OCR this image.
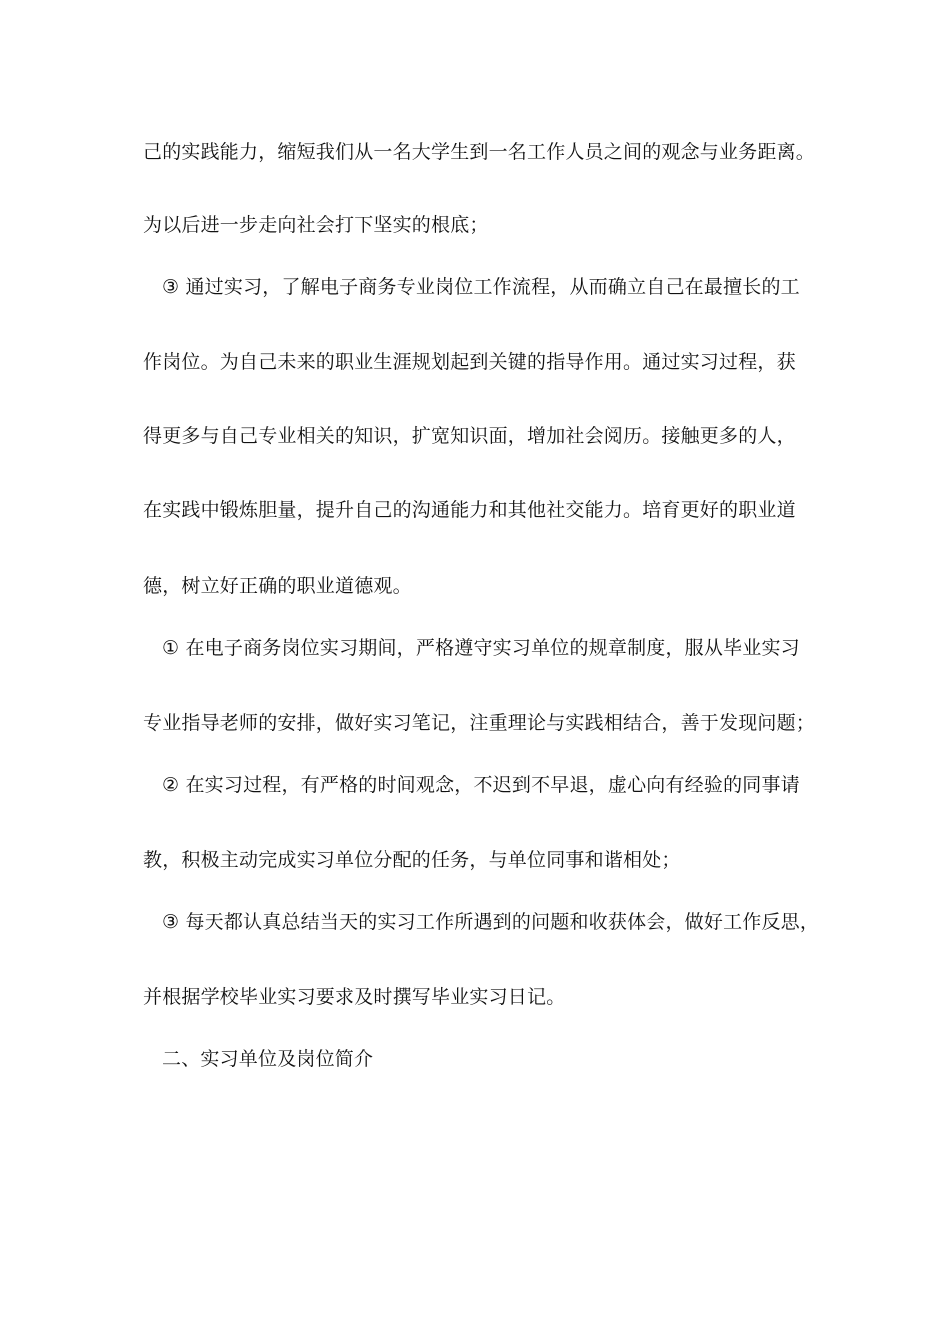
己的实践能力，缩短我们从一名大学生到一名工作人员之间的观念与业务距离。
为以后进一步走向社会打下坚实的根底；
③ 通过实习，了解电子商务专业岗位工作流程，从而确立自己在最擅长的工
作岗位。为自己未来的职业生涯规划起到关键的指导作用。通过实习过程，获
得更多与自己专业相关的知识，扩宽知识面，增加社会阅历。接触更多的人，
在实践中锻炼胆量，提升自己的沟通能力和其他社交能力。培育更好的职业道
德，树立好正确的职业道德观。
① 在电子商务岗位实习期间，严格遵守实习单位的规章制度，服从毕业实习
专业指导老师的安排，做好实习笔记，注重理论与实践相结合，善于发现问题；
② 在实习过程，有严格的时间观念，不迟到不早退，虚心向有经验的同事请
教，积极主动完成实习单位分配的任务，与单位同事和谐相处；
③ 每天都认真总结当天的实习工作所遇到的问题和收获体会，做好工作反思，
并根据学校毕业实习要求及时撰写毕业实习日记。
二、实习单位及岗位简介
